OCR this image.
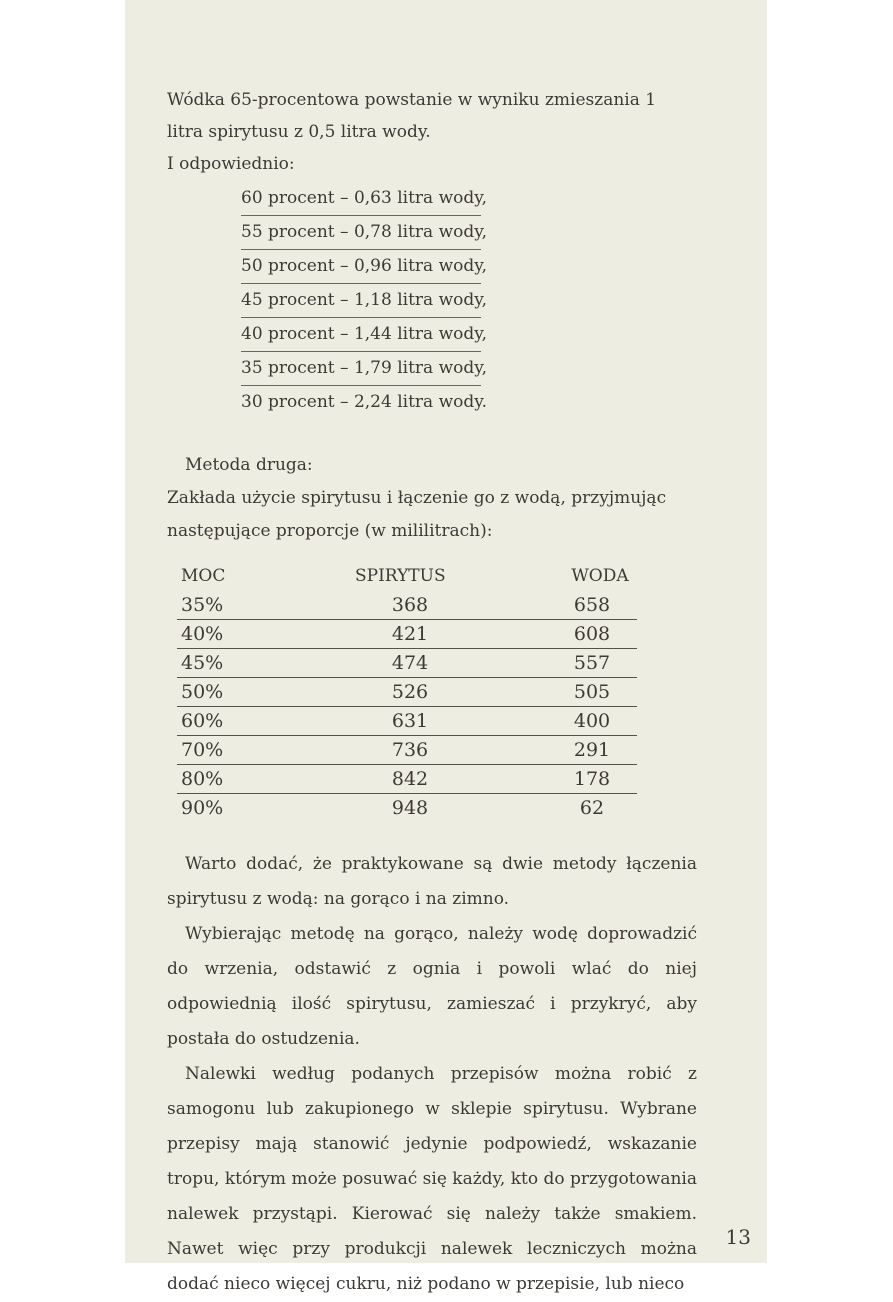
Wódka 65-procentowa powstanie w wyniku zmieszania 1 litra spirytusu z 0,5 litra wody.

I odpowiednio:

60 procent – 0,63 litra wody,
55 procent – 0,78 litra wody,
50 procent – 0,96 litra wody,
45 procent – 1,18 litra wody,
40 procent – 1,44 litra wody,
35 procent – 1,79 litra wody,
30 procent – 2,24 litra wody.

Metoda druga:

Zakłada użycie spirytusu i łączenie go z wodą, przyjmując następujące proporcje (w mililitrach):

MOC	SPIRYTUS	WODA
35%	368	658
40%	421	608
45%	474	557
50%	526	505
60%	631	400
70%	736	291
80%	842	178
90%	948	62

Warto dodać, że praktykowane są dwie metody łączenia spirytusu z wodą: na gorąco i na zimno.

Wybierając metodę na gorąco, należy wodę doprowadzić do wrzenia, odstawić z ognia i powoli wlać do niej odpowiednią ilość spirytusu, zamieszać i przykryć, aby postała do ostudzenia.

Nalewki według podanych przepisów można robić z samogonu lub zakupionego w sklepie spirytusu. Wybrane przepisy mają stanowić jedynie podpowiedź, wskazanie tropu, którym może posuwać się każdy, kto do przygotowania nalewek przystąpi. Kierować się należy także smakiem. Nawet więc przy produkcji nalewek leczniczych można dodać nieco więcej cukru, niż podano w przepisie, lub nieco

13
